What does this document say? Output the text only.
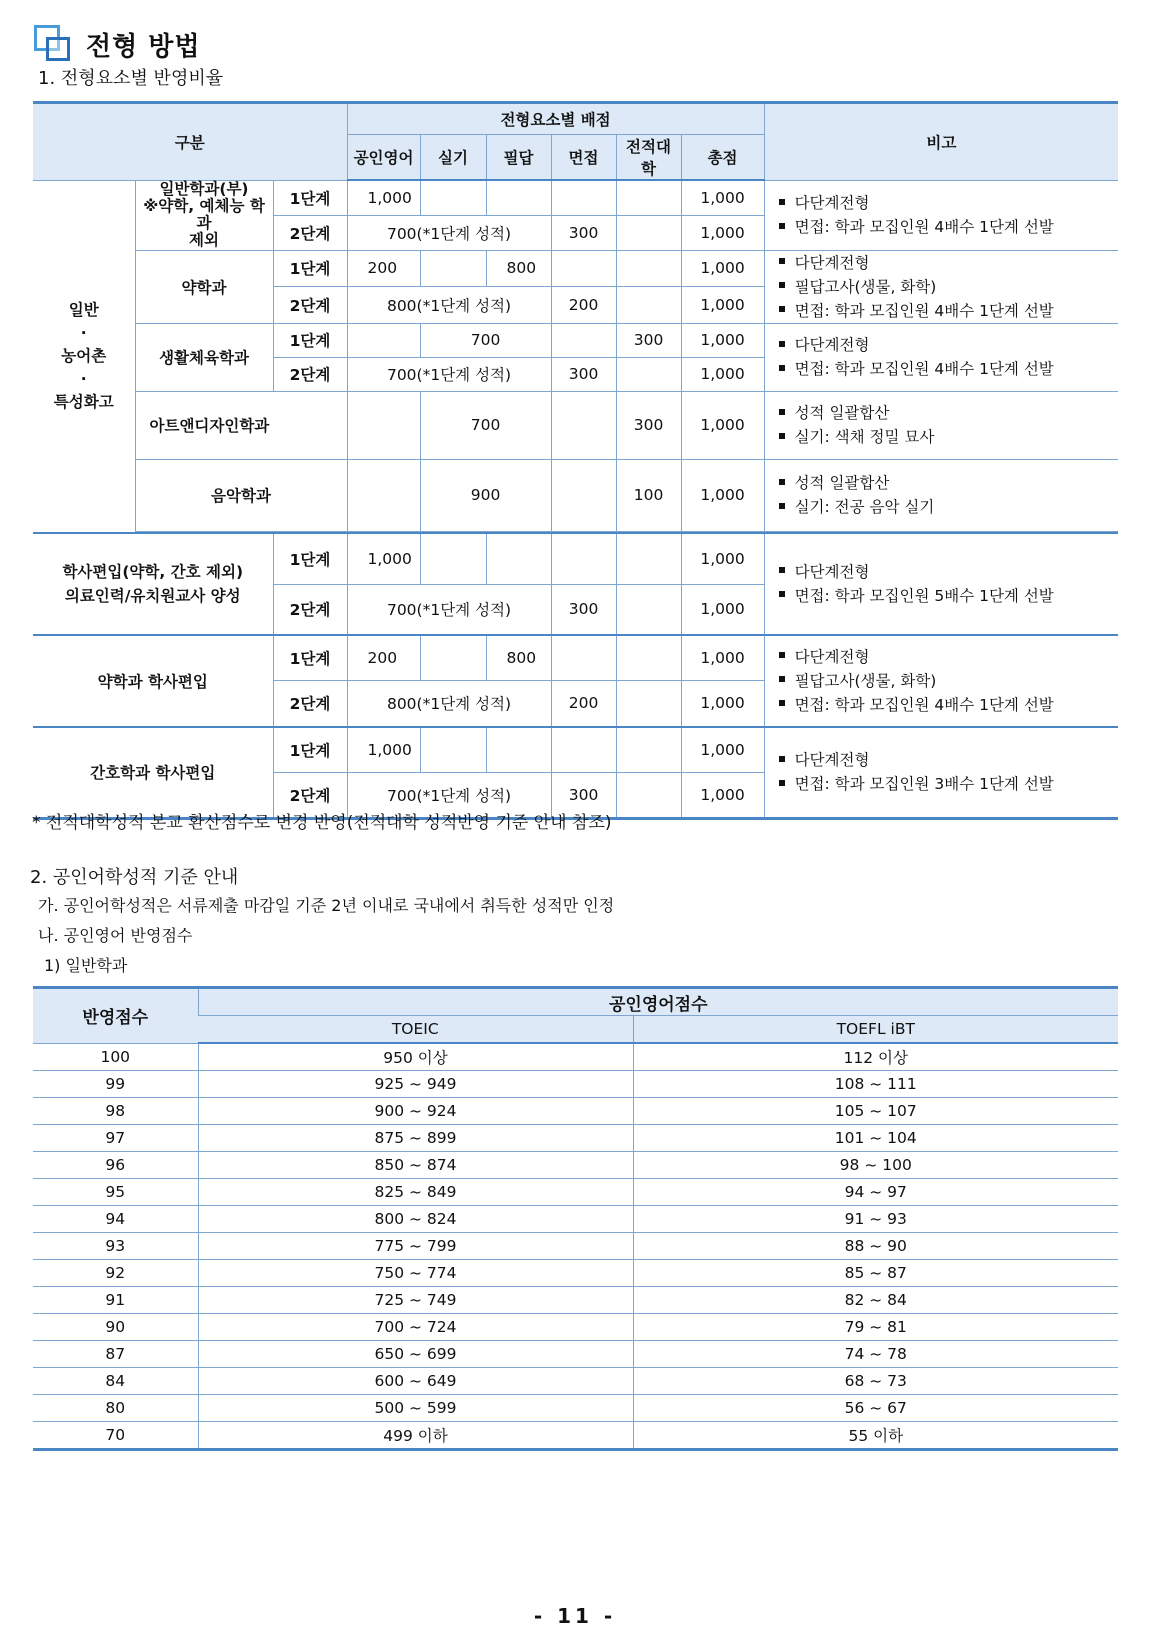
전형 방법
1. 전형요소별 반영비율
구분			전형요소별 배점						비고
			공인영어	실기	필답	면접	전적대학	총점	
일반
·
농어촌
·
특성화고	일반학과(부)
※약학, 예체능 학과
제외	1단계	1,000					1,000	다단계전형
면접: 학과 모집인원 4배수 1단계 선발

		2단계	700(*1단계 성적)			300		1,000	
	약학과	1단계	200		800			1,000	다단계전형
필답고사(생물, 화학)
면접: 학과 모집인원 4배수 1단계 선발

		2단계	800(*1단계 성적)			200		1,000	
	생활체육학과	1단계		700			300	1,000	다단계전형
면접: 학과 모집인원 4배수 1단계 선발

		2단계	700(*1단계 성적)			300		1,000	
	아트앤디자인학과			700			300	1,000	성적 일괄합산
실기: 색채 정밀 묘사

	음악학과			900			100	1,000	성적 일괄합산
실기: 전공 음악 실기

학사편입(약학, 간호 제외)
의료인력/유치원교사 양성		1단계	1,000					1,000	다단계전형
면접: 학과 모집인원 5배수 1단계 선발

		2단계	700(*1단계 성적)			300		1,000	
약학과 학사편입		1단계	200		800			1,000	다단계전형
필답고사(생물, 화학)
면접: 학과 모집인원 4배수 1단계 선발

		2단계	800(*1단계 성적)			200		1,000	
간호학과 학사편입		1단계	1,000					1,000	다단계전형
면접: 학과 모집인원 3배수 1단계 선발

		2단계	700(*1단계 성적)			300		1,000	
* 전적대학성적 본교 환산점수로 변경 반영(전적대학 성적반영 기준 안내 참조)
2. 공인어학성적 기준 안내
가. 공인어학성적은 서류제출 마감일 기준 2년 이내로 국내에서 취득한 성적만 인정
나. 공인영어 반영점수
1) 일반학과
반영점수	공인영어점수	
	TOEIC	TOEFL iBT
100	950 이상	112 이상
99	925 ~ 949	108 ~ 111
98	900 ~ 924	105 ~ 107
97	875 ~ 899	101 ~ 104
96	850 ~ 874	98 ~ 100
95	825 ~ 849	94 ~ 97
94	800 ~ 824	91 ~ 93
93	775 ~ 799	88 ~ 90
92	750 ~ 774	85 ~ 87
91	725 ~ 749	82 ~ 84
90	700 ~ 724	79 ~ 81
87	650 ~ 699	74 ~ 78
84	600 ~ 649	68 ~ 73
80	500 ~ 599	56 ~ 67
70	499 이하	55 이하
- 11 -
